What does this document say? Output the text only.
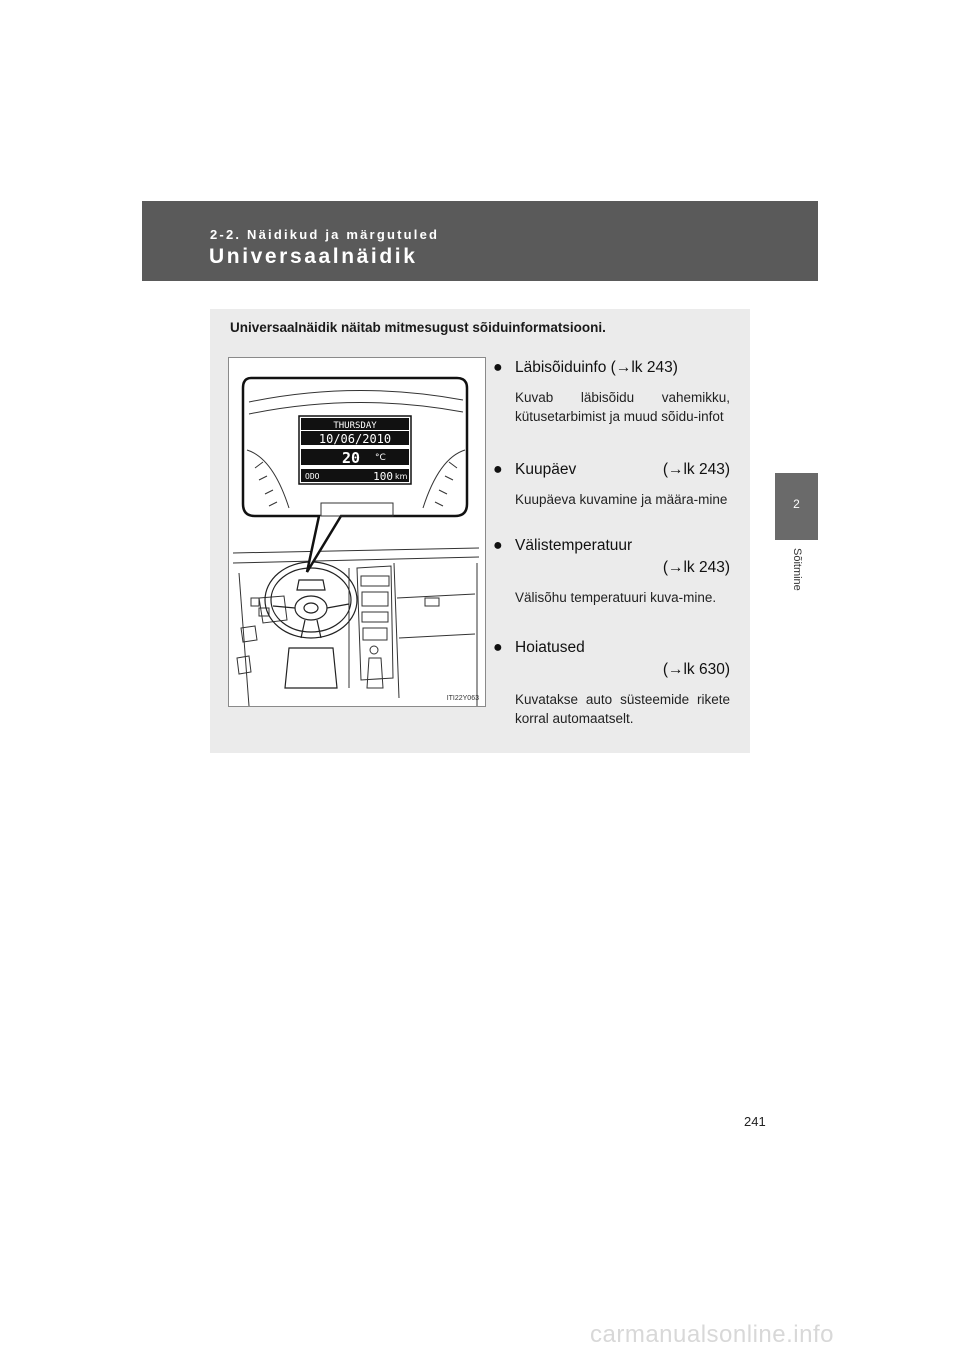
2-2. Näidikud ja märgutuled
Universaalnäidik
2
Sõitmine
Universaalnäidik näitab mitmesugust sõiduinformatsiooni.
THURSDAY
10/06/2010
20 °C
ODO	100 km
ITI22Y063
● Läbisõiduinfo (→lk 243)
Kuvab läbisõidu vahemikku, kütusetarbimist ja muud sõidu-infot
● Kuupäev	(→lk 243)
Kuupäeva kuvamine ja määra-mine
● Välistemperatuur
(→lk 243)
Välisõhu temperatuuri kuva-mine.
● Hoiatused
(→lk 630)
Kuvatakse auto süsteemide rikete korral automaatselt.
241
carmanualsonline.info
